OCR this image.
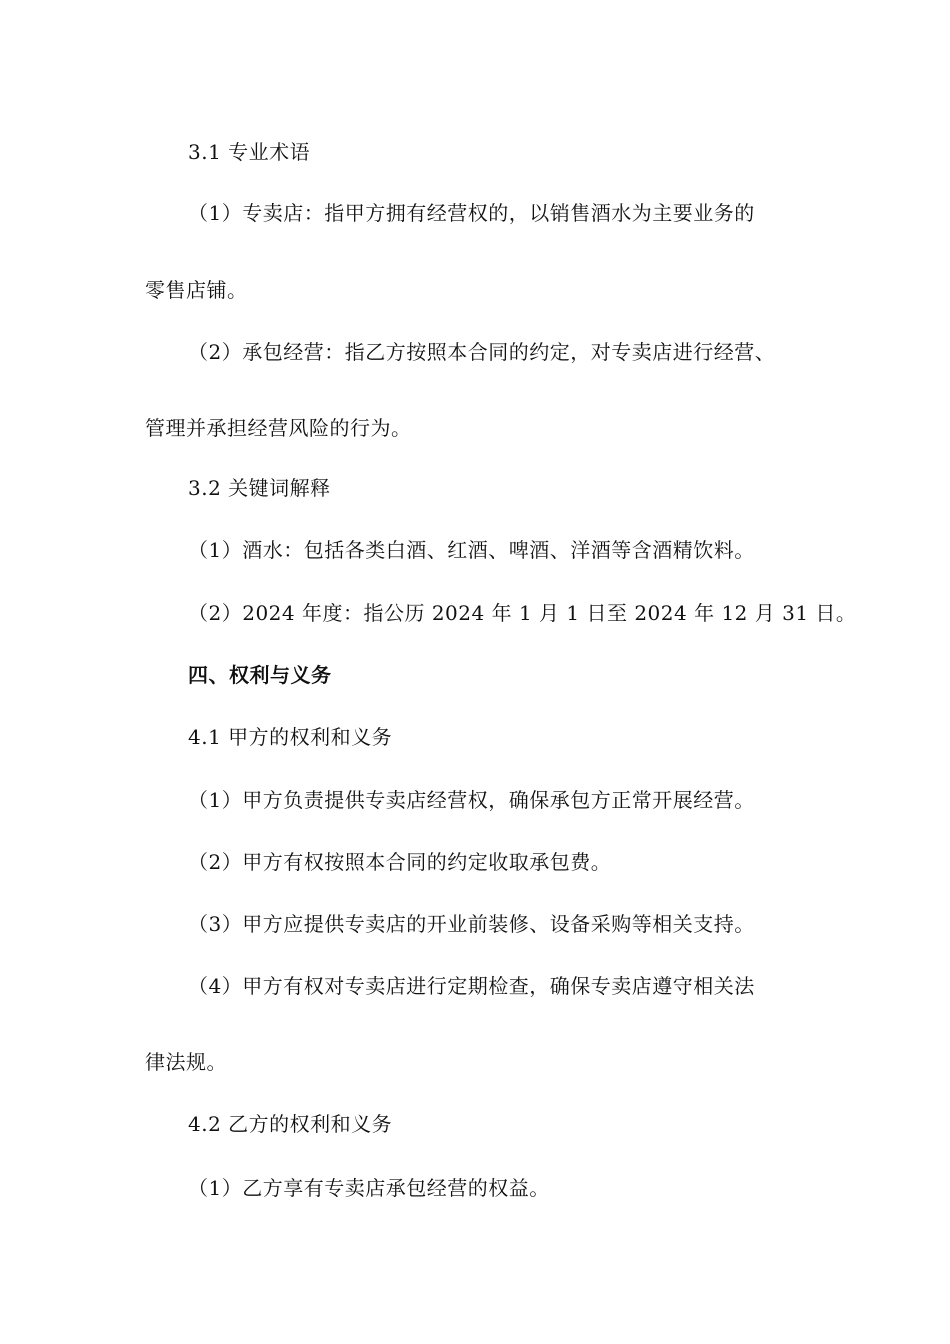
3.1 专业术语
（1）专卖店：指甲方拥有经营权的，以销售酒水为主要业务的
零售店铺。
（2）承包经营：指乙方按照本合同的约定，对专卖店进行经营、
管理并承担经营风险的行为。
3.2 关键词解释
（1）酒水：包括各类白酒、红酒、啤酒、洋酒等含酒精饮料。
（2）2024 年度：指公历 2024 年 1 月 1 日至 2024 年 12 月 31 日。
四、权利与义务
4.1 甲方的权利和义务
（1）甲方负责提供专卖店经营权，确保承包方正常开展经营。
（2）甲方有权按照本合同的约定收取承包费。
（3）甲方应提供专卖店的开业前装修、设备采购等相关支持。
（4）甲方有权对专卖店进行定期检查，确保专卖店遵守相关法
律法规。
4.2 乙方的权利和义务
（1）乙方享有专卖店承包经营的权益。
